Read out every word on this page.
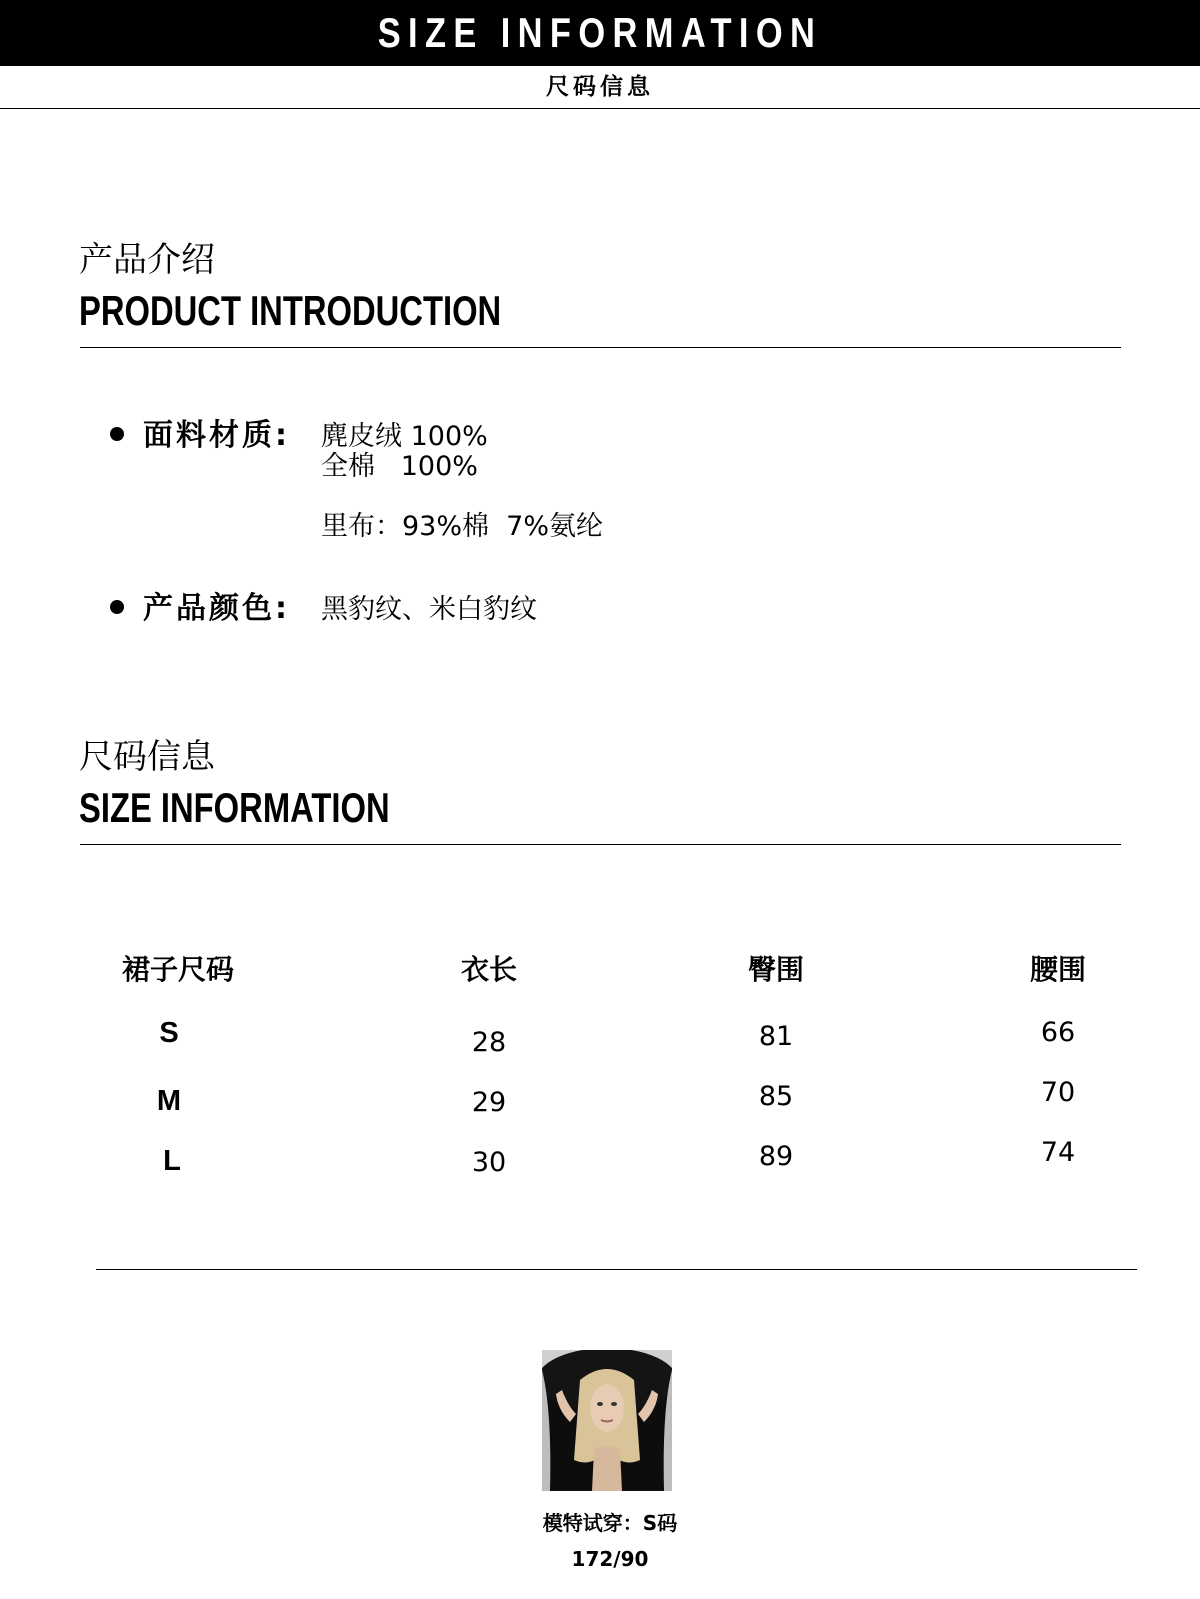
SIZE INFORMATION
尺码信息
产品介绍
PRODUCT INTRODUCTION
面料材质: 麂皮绒 100%
全棉   100%
里布：93%棉  7%氨纶
产品颜色: 黑豹纹、米白豹纹
尺码信息
SIZE INFORMATION
裙子尺码	衣长	臀围	腰围
S	28	81	66
M	29	85	70
L	30	89	74
模特试穿：S码
172/90
